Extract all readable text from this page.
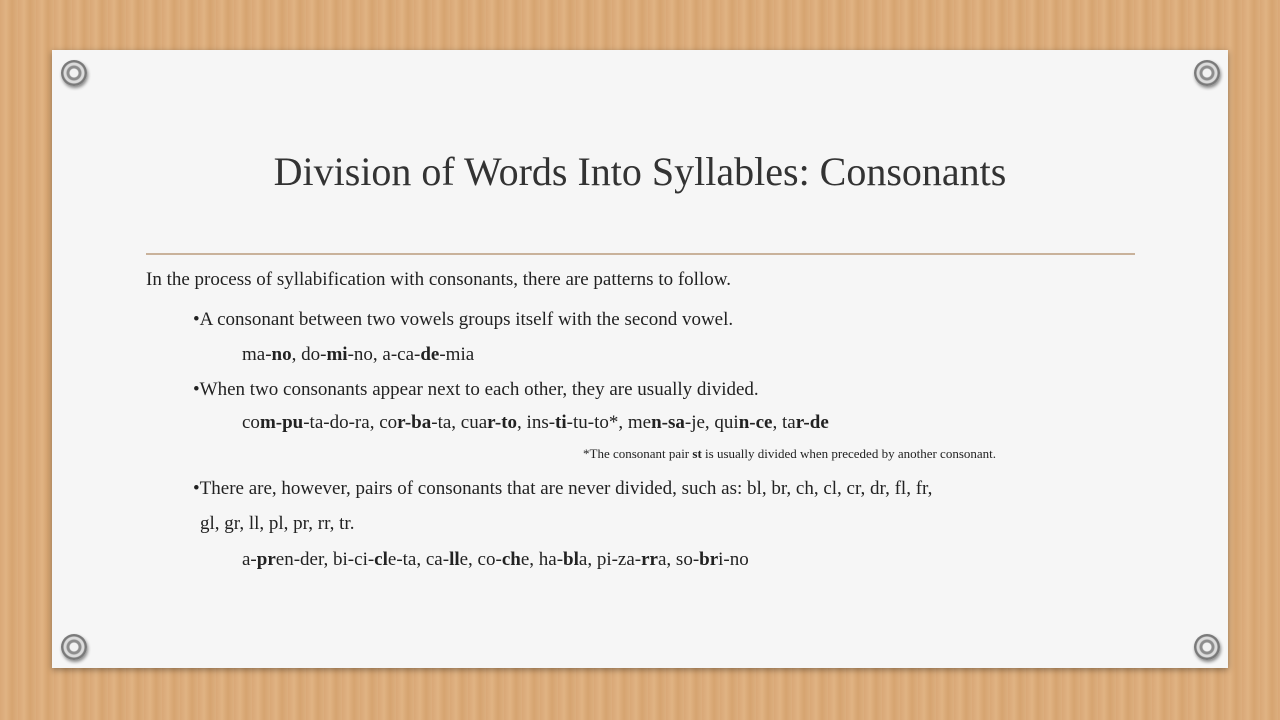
Division of Words Into Syllables: Consonants
In the process of syllabification with consonants, there are patterns to follow.
•A consonant between two vowels groups itself with the second vowel.
ma-no, do-mi-no, a-ca-de-mia
•When two consonants appear next to each other, they are usually divided.
com-pu-ta-do-ra, cor-ba-ta, cuar-to, ins-ti-tu-to*, men-sa-je, quin-ce, tar-de
*The consonant pair st is usually divided when preceded by another consonant.
•There are, however, pairs of consonants that are never divided, such as: bl, br, ch, cl, cr, dr, fl, fr,
gl, gr, ll, pl, pr, rr, tr.
a-pren-der, bi-ci-cle-ta, ca-lle, co-che, ha-bla, pi-za-rra, so-bri-no
